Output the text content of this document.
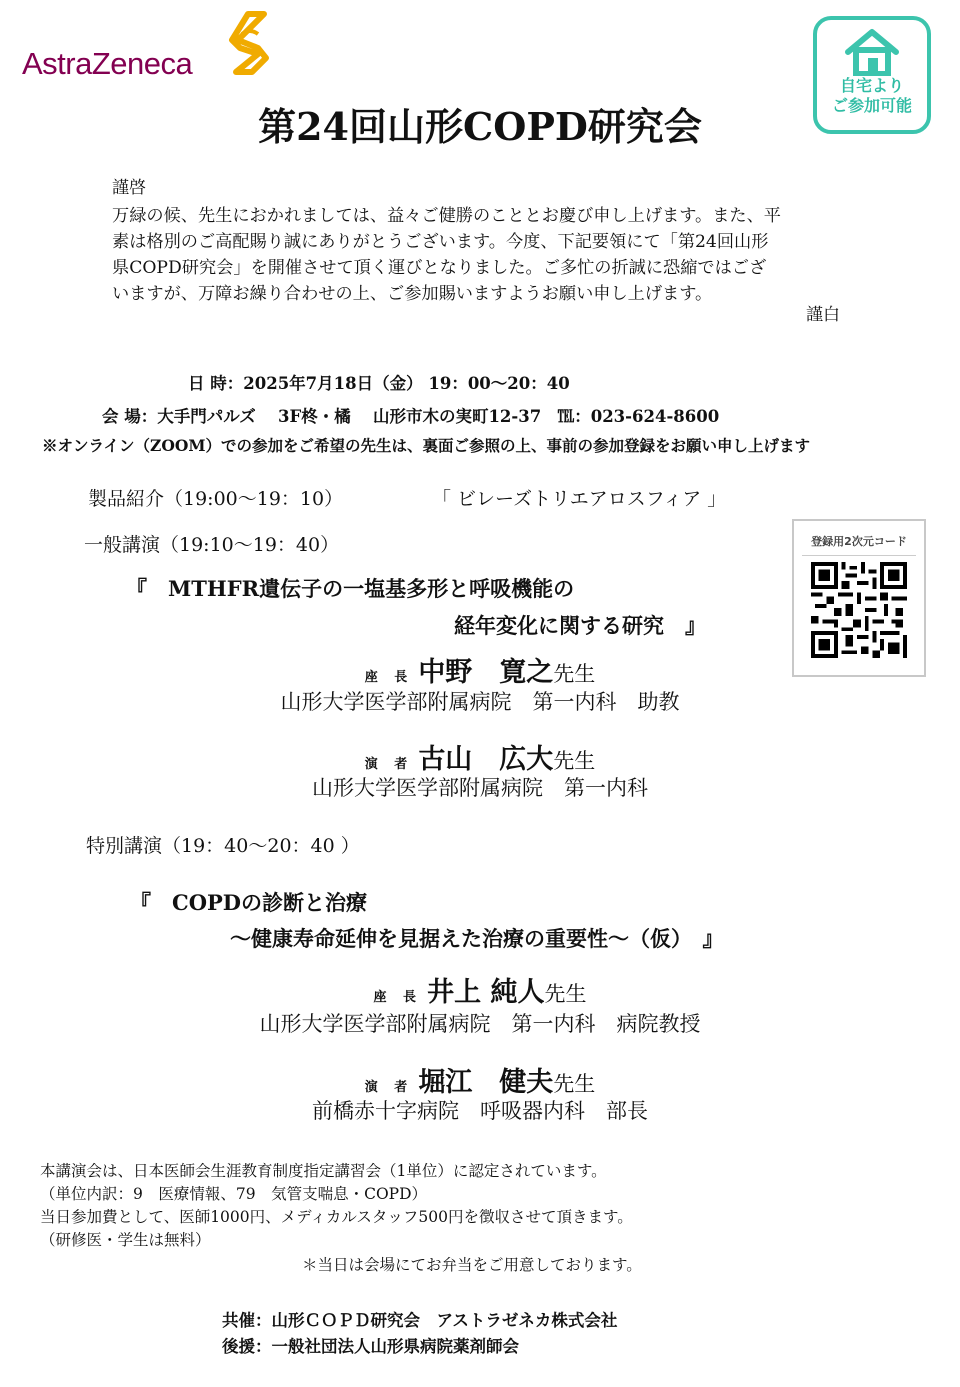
AstraZeneca
自宅より
ご参加可能
第24回山形COPD研究会
謹啓
万緑の候、先生におかれましては、益々ご健勝のこととお慶び申し上げます。また、平
素は格別のご高配賜り誠にありがとうございます。今度、下記要領にて「第24回山形
県COPD研究会」を開催させて頂く運びとなりました。ご多忙の折誠に恐縮ではござ
いますが、万障お繰り合わせの上、ご参加賜いますようお願い申し上げます。
謹白
日 時：2025年7月18日（金） 19：00～20：40
会 場：大手門パルズ　 3F柊・橘　 山形市木の実町12-37　℡：023-624-8600
※オンライン（ZOOM）での参加をご希望の先生は、裏面ご参照の上、事前の参加登録をお願い申し上げます
製品紹介（19:00～19：10）	「 ビレーズトリエアロスフィア 」
一般講演（19:10～19：40）
『　MTHFR遺伝子の一塩基多形と呼吸機能の
経年変化に関する研究　』
座 長 中野　寛之先生
山形大学医学部附属病院　第一内科　助教
演 者 古山　広大先生
山形大学医学部附属病院　第一内科
登録用2次元コード
特別講演（19：40～20：40 ）
『　COPDの診断と治療
～健康寿命延伸を見据えた治療の重要性～（仮）　』
座 長 井上 純人先生
山形大学医学部附属病院　第一内科　病院教授
演 者 堀江　健夫先生
前橋赤十字病院　呼吸器内科　部長
本講演会は、日本医師会生涯教育制度指定講習会（1単位）に認定されています。
（単位内訳：9　医療情報、79　気管支喘息・COPD）
当日参加費として、医師1000円、メディカルスタッフ500円を徴収させて頂きます。
（研修医・学生は無料）
＊当日は会場にてお弁当をご用意しております。
共催：山形ＣＯＰＤ研究会　アストラゼネカ株式会社
後援：一般社団法人山形県病院薬剤師会
